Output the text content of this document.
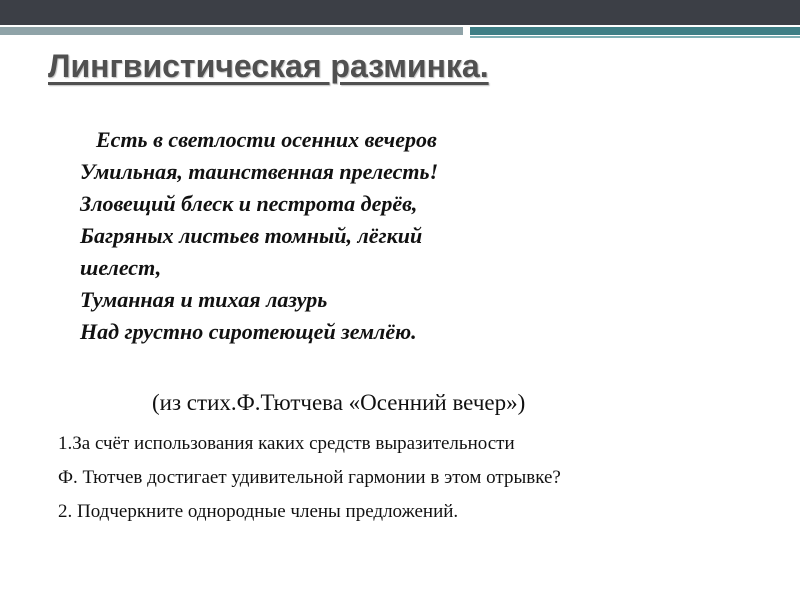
Лингвистическая разминка.
Есть в светлости осенних вечеров
Умильная, таинственная прелесть!
Зловещий блеск и пестрота дерёв,
Багряных листьев томный, лёгкий
шелест,
Туманная и тихая лазурь
Над грустно сиротеющей землёю.
(из стих.Ф.Тютчева «Осенний вечер»)
1.За счёт использования каких средств выразительности
Ф. Тютчев достигает удивительной гармонии в этом отрывке?
2. Подчеркните однородные члены предложений.
